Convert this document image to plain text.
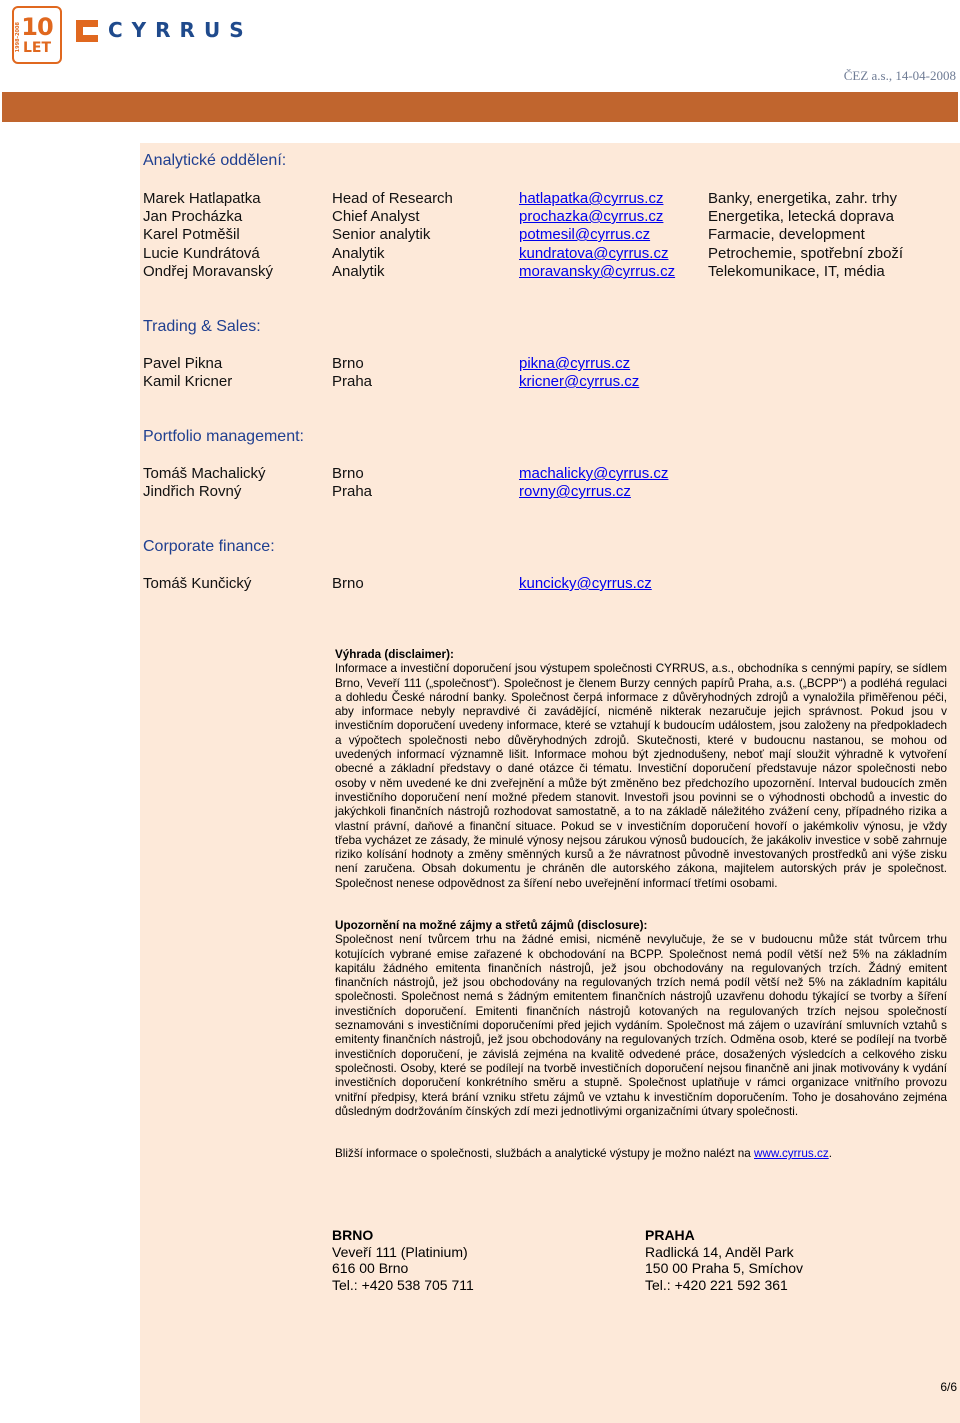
1998–2008 10
LET
CYRRUS
ČEZ a.s., 14-04-2008
Analytické oddělení:
Marek Hatlapatka	Head of Research	hatlapatka@cyrrus.cz	Banky, energetika, zahr. trhy
Jan Procházka	Chief Analyst	prochazka@cyrrus.cz	Energetika, letecká doprava
Karel Potměšil	Senior analytik	potmesil@cyrrus.cz	Farmacie, development
Lucie Kundrátová	Analytik	kundratova@cyrrus.cz	Petrochemie, spotřební zboží
Ondřej Moravanský	Analytik	moravansky@cyrrus.cz Telekomunikace, IT, média
Trading & Sales:
Pavel Pikna	Brno	pikna@cyrrus.cz
Kamil Kricner	Praha	kricner@cyrrus.cz
Portfolio management:
Tomáš Machalický	Brno	machalicky@cyrrus.cz
Jindřich Rovný	Praha	rovny@cyrrus.cz
Corporate finance:
Tomáš Kunčický	Brno	kuncicky@cyrrus.cz

Výhrada (disclaimer):

Informace a investiční doporučení jsou výstupem společnosti CYRRUS, a.s., obchodníka s cennými papíry, se sídlem Brno, Veveří 111 („společnost“). Společnost je členem Burzy cenných papírů Praha, a.s. („BCPP“) a podléhá regulaci a dohledu České národní banky. Společnost čerpá informace z důvěryhodných zdrojů a vynaložila přiměřenou péči, aby informace nebyly nepravdivé či zavádějící, nicméně nikterak nezaručuje jejich správnost. Pokud jsou v investičním doporučení uvedeny informace, které se vztahují k budoucím událostem, jsou založeny na předpokladech a výpočtech společnosti nebo důvěryhodných zdrojů. Skutečnosti, které v budoucnu nastanou, se mohou od uvedených informací významně lišit. Informace mohou být zjednodušeny, neboť mají sloužit výhradně k vytvoření obecné a základní představy o dané otázce či tématu. Investiční doporučení představuje názor společnosti nebo osoby v něm uvedené ke dni zveřejnění a může být změněno bez předchozího upozornění. Interval budoucích změn investičního doporučení není možné předem stanovit. Investoři jsou povinni se o výhodnosti obchodů a investic do jakýchkoli finančních nástrojů rozhodovat samostatně, a to na základě náležitého zvážení ceny, případného rizika a vlastní právní, daňové a finanční situace. Pokud se v investičním doporučení hovoří o jakémkoliv výnosu, je vždy třeba vycházet ze zásady, že minulé výnosy nejsou zárukou výnosů budoucích, že jakákoliv investice v sobě zahrnuje riziko kolísání hodnoty a změny směnných kursů a že návratnost původně investovaných prostředků ani výše zisku není zaručena. Obsah dokumentu je chráněn dle autorského zákona, majitelem autorských práv je společnost. Společnost nenese odpovědnost za šíření nebo uveřejnění informací třetími osobami.

Upozornění na možné zájmy a střetů zájmů (disclosure):

Společnost není tvůrcem trhu na žádné emisi, nicméně nevylučuje, že se v budoucnu může stát tvůrcem trhu kotujících vybrané emise zařazené k obchodování na BCPP. Společnost nemá podíl větší než 5% na základním kapitálu žádného emitenta finančních nástrojů, jež jsou obchodovány na regulovaných trzích. Žádný emitent finančních nástrojů, jež jsou obchodovány na regulovaných trzích nemá podíl větší než 5% na základním kapitálu společnosti. Společnost nemá s žádným emitentem finančních nástrojů uzavřenu dohodu týkající se tvorby a šíření investičních doporučení. Emitenti finančních nástrojů kotovaných na regulovaných trzích nejsou společností seznamováni s investičními doporučeními před jejich vydáním. Společnost má zájem o uzavírání smluvních vztahů s emitenty finančních nástrojů, jež jsou obchodovány na regulovaných trzích. Odměna osob, které se podílejí na tvorbě investičních doporučení, je závislá zejména na kvalitě odvedené práce, dosažených výsledcích a celkového zisku společnosti. Osoby, které se podílejí na tvorbě investičních doporučení nejsou finančně ani jinak motivovány k vydání investičních doporučení konkrétního směru a stupně. Společnost uplatňuje v rámci organizace vnitřního provozu vnitřní předpisy, která brání vzniku střetu zájmů ve vztahu k investičním doporučením. Toho je dosahováno zejména důsledným dodržováním čínských zdí mezi jednotlivými organizačními útvary společnosti.

Bližší informace o společnosti, službách a analytické výstupy je možno nalézt na www.cyrrus.cz.

BRNO
Veveří 111 (Platinium)
616 00 Brno
Tel.: +420 538 705 711
PRAHA
Radlická 14, Anděl Park
150 00 Praha 5, Smíchov
Tel.: +420 221 592 361
6/6
